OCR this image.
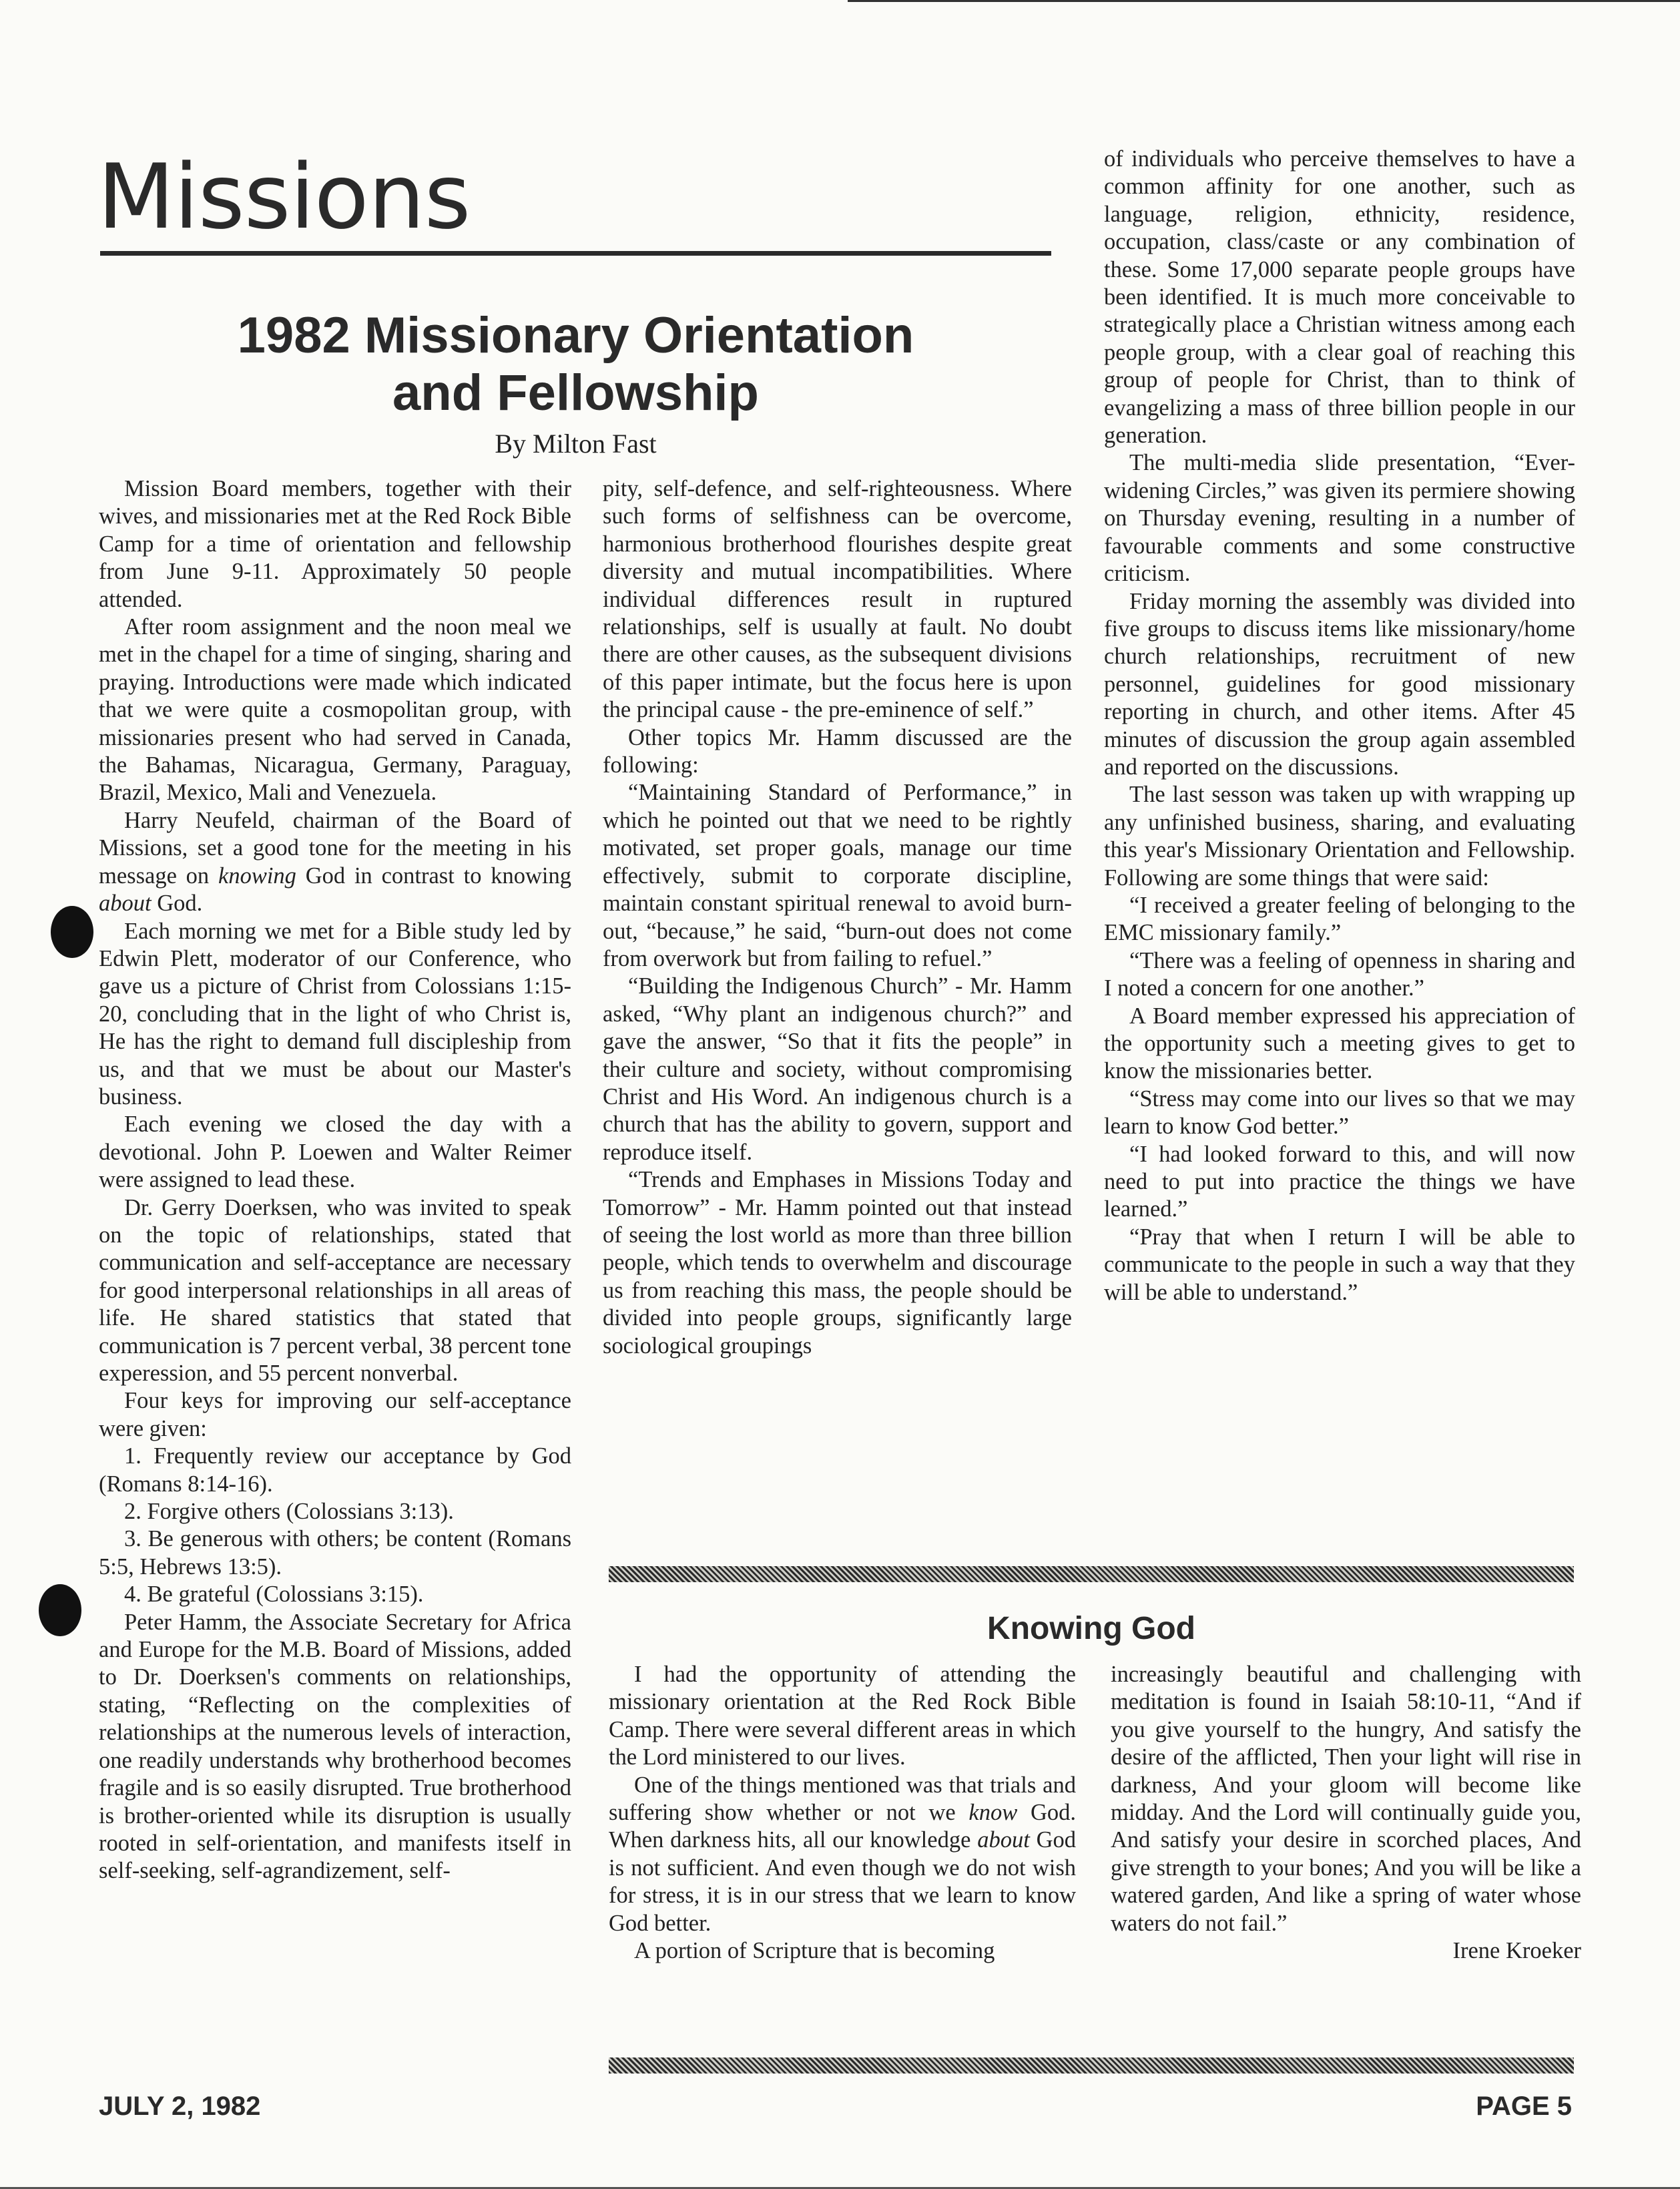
Missions
1982 Missionary Orientation
and Fellowship
By Milton Fast

Mission Board members, together with their wives, and missionaries met at the Red Rock Bible Camp for a time of orientation and fellowship from June 9-11. Approximately 50 people attended.

After room assignment and the noon meal we met in the chapel for a time of singing, sharing and praying. Introductions were made which indicated that we were quite a cosmopolitan group, with missionaries present who had served in Canada, the Bahamas, Nicaragua, Germany, Paraguay, Brazil, Mexico, Mali and Venezuela.

Harry Neufeld, chairman of the Board of Missions, set a good tone for the meeting in his message on knowing God in contrast to knowing about God.

Each morning we met for a Bible study led by Edwin Plett, moderator of our Conference, who gave us a picture of Christ from Colossians 1:15-20, concluding that in the light of who Christ is, He has the right to demand full discipleship from us, and that we must be about our Master's business.

Each evening we closed the day with a devotional. John P. Loewen and Walter Reimer were assigned to lead these.

Dr. Gerry Doerksen, who was invited to speak on the topic of relationships, stated that communication and self-acceptance are necessary for good interpersonal relationships in all areas of life. He shared statistics that stated that communication is 7 percent verbal, 38 percent tone experession, and 55 percent nonverbal.

Four keys for improving our self-acceptance were given:

1. Frequently review our acceptance by God (Romans 8:14-16).

2. Forgive others (Colossians 3:13).

3. Be generous with others; be content (Romans 5:5, Hebrews 13:5).

4. Be grateful (Colossians 3:15).

Peter Hamm, the Associate Secretary for Africa and Europe for the M.B. Board of Missions, added to Dr. Doerksen's comments on relationships, stating, “Reflecting on the complexities of relationships at the numerous levels of interaction, one readily understands why brotherhood becomes fragile and is so easily disrupted. True brotherhood is brother-oriented while its disruption is usually rooted in self-orientation, and manifests itself in self-seeking, self-agrandizement, self-

pity, self-defence, and self-righteousness. Where such forms of selfishness can be overcome, harmonious brotherhood flourishes despite great diversity and mutual incompatibilities. Where individual differences result in ruptured relationships, self is usually at fault. No doubt there are other causes, as the subsequent divisions of this paper intimate, but the focus here is upon the principal cause - the pre-eminence of self.”

Other topics Mr. Hamm discussed are the following:

“Maintaining Standard of Performance,” in which he pointed out that we need to be rightly motivated, set proper goals, manage our time effectively, submit to corporate discipline, maintain constant spiritual renewal to avoid burn-out, “because,” he said, “burn-out does not come from overwork but from failing to refuel.”

“Building the Indigenous Church” - Mr. Hamm asked, “Why plant an indigenous church?” and gave the answer, “So that it fits the people” in their culture and society, without compromising Christ and His Word. An indigenous church is a church that has the ability to govern, support and reproduce itself.

“Trends and Emphases in Missions Today and Tomorrow” - Mr. Hamm pointed out that instead of seeing the lost world as more than three billion people, which tends to overwhelm and discourage us from reaching this mass, the people should be divided into people groups, significantly large sociological groupings

of individuals who perceive themselves to have a common affinity for one another, such as language, religion, ethnicity, residence, occupation, class/caste or any combination of these. Some 17,000 separate people groups have been identified. It is much more conceivable to strategically place a Christian witness among each people group, with a clear goal of reaching this group of people for Christ, than to think of evangelizing a mass of three billion people in our generation.

The multi-media slide presentation, “Ever-widening Circles,” was given its permiere showing on Thursday evening, resulting in a number of favourable comments and some constructive criticism.

Friday morning the assembly was divided into five groups to discuss items like missionary/home church relationships, recruitment of new personnel, guidelines for good missionary reporting in church, and other items. After 45 minutes of discussion the group again assembled and reported on the discussions.

The last sesson was taken up with wrapping up any unfinished business, sharing, and evaluating this year's Missionary Orientation and Fellowship. Following are some things that were said:

“I received a greater feeling of belonging to the EMC missionary family.”

“There was a feeling of openness in sharing and I noted a concern for one another.”

A Board member expressed his appreciation of the opportunity such a meeting gives to get to know the missionaries better.

“Stress may come into our lives so that we may learn to know God better.”

“I had looked forward to this, and will now need to put into practice the things we have learned.”

“Pray that when I return I will be able to communicate to the people in such a way that they will be able to understand.”

Knowing God

I had the opportunity of attending the missionary orientation at the Red Rock Bible Camp. There were several different areas in which the Lord ministered to our lives.

One of the things mentioned was that trials and suffering show whether or not we know God. When darkness hits, all our knowledge about God is not sufficient. And even though we do not wish for stress, it is in our stress that we learn to know God better.

A portion of Scripture that is becoming

increasingly beautiful and challenging with meditation is found in Isaiah 58:10-11, “And if you give yourself to the hungry, And satisfy the desire of the afflicted, Then your light will rise in darkness, And your gloom will become like midday. And the Lord will continually guide you, And satisfy your desire in scorched places, And give strength to your bones; And you will be like a watered garden, And like a spring of water whose waters do not fail.”

Irene Kroeker

JULY 2, 1982	PAGE 5
